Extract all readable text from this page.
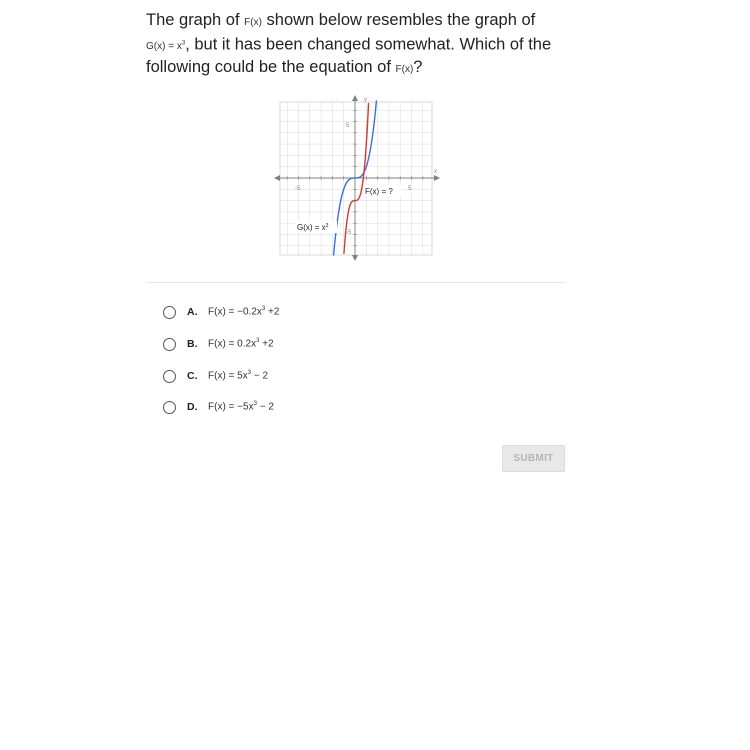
The graph of F(x) shown below resembles the graph of
$G(x) = x^3$, but it has been changed somewhat. Which of the following could be the equation of F(x)?
y
x
-5	5
5
-5
F(x) = ?
$G(x) = x^3$
A.	$F(x) = -0.2x^3 +2$
B.	$F(x) = 0.2x^3 +2$
C.	$F(x) = 5x^3 - 2$
D.	$F(x) = -5x^3 - 2$
SUBMIT
